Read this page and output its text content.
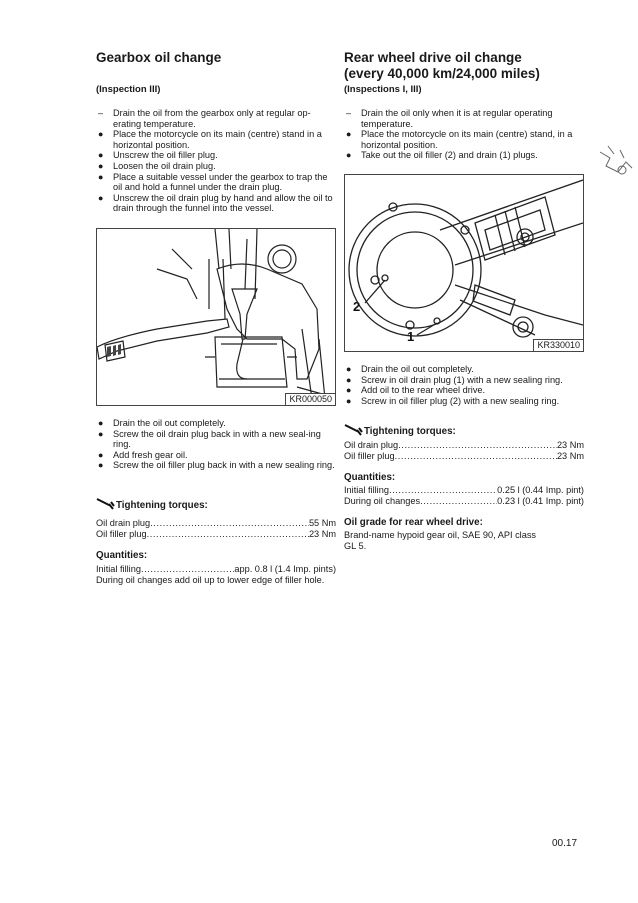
Gearbox oil change
(Inspection III)
– Drain the oil from the gearbox only at regular op-erating temperature.
● Place the motorcycle on its main (centre) stand in a horizontal position.
● Unscrew the oil filler plug.
● Loosen the oil drain plug.
● Place a suitable vessel under the gearbox to trap the oil and hold a funnel under the drain plug.
● Unscrew the oil drain plug by hand and allow the oil to drain through the funnel into the vessel.
KR000050
● Drain the oil out completely.
● Screw the oil drain plug back in with a new seal-ing ring.
● Add fresh gear oil.
● Screw the oil filler plug back in with a new sealing ring.
Tightening torques:
Oil drain plug .....	55 Nm
Oil filler plug .....	23 Nm
Quantities:
Initial filling .....	app. 0.8 l (1.4 Imp. pints)
During oil changes add oil up to lower edge of filler hole.
Rear wheel drive oil change
(every 40,000 km/24,000 miles)
(Inspections I, III)
– Drain the oil only when it is at regular operating temperature.
● Place the motorcycle on its main (centre) stand, in a horizontal position.
● Take out the oil filler (2) and drain (1) plugs.
2
1
KR330010
● Drain the oil out completely.
● Screw in oil drain plug (1) with a new sealing ring.
● Add oil to the rear wheel drive.
● Screw in oil filler plug (2) with a new sealing ring.
Tightening torques:
Oil drain plug .....	23 Nm
Oil filler plug .....	23 Nm
Quantities:
Initial filling .....	0.25 l (0.44 Imp. pint)
During oil changes .....	0.23 l (0.41 Imp. pint)
Oil grade for rear wheel drive:
Brand-name hypoid gear oil, SAE 90, API class GL 5.
00.17
